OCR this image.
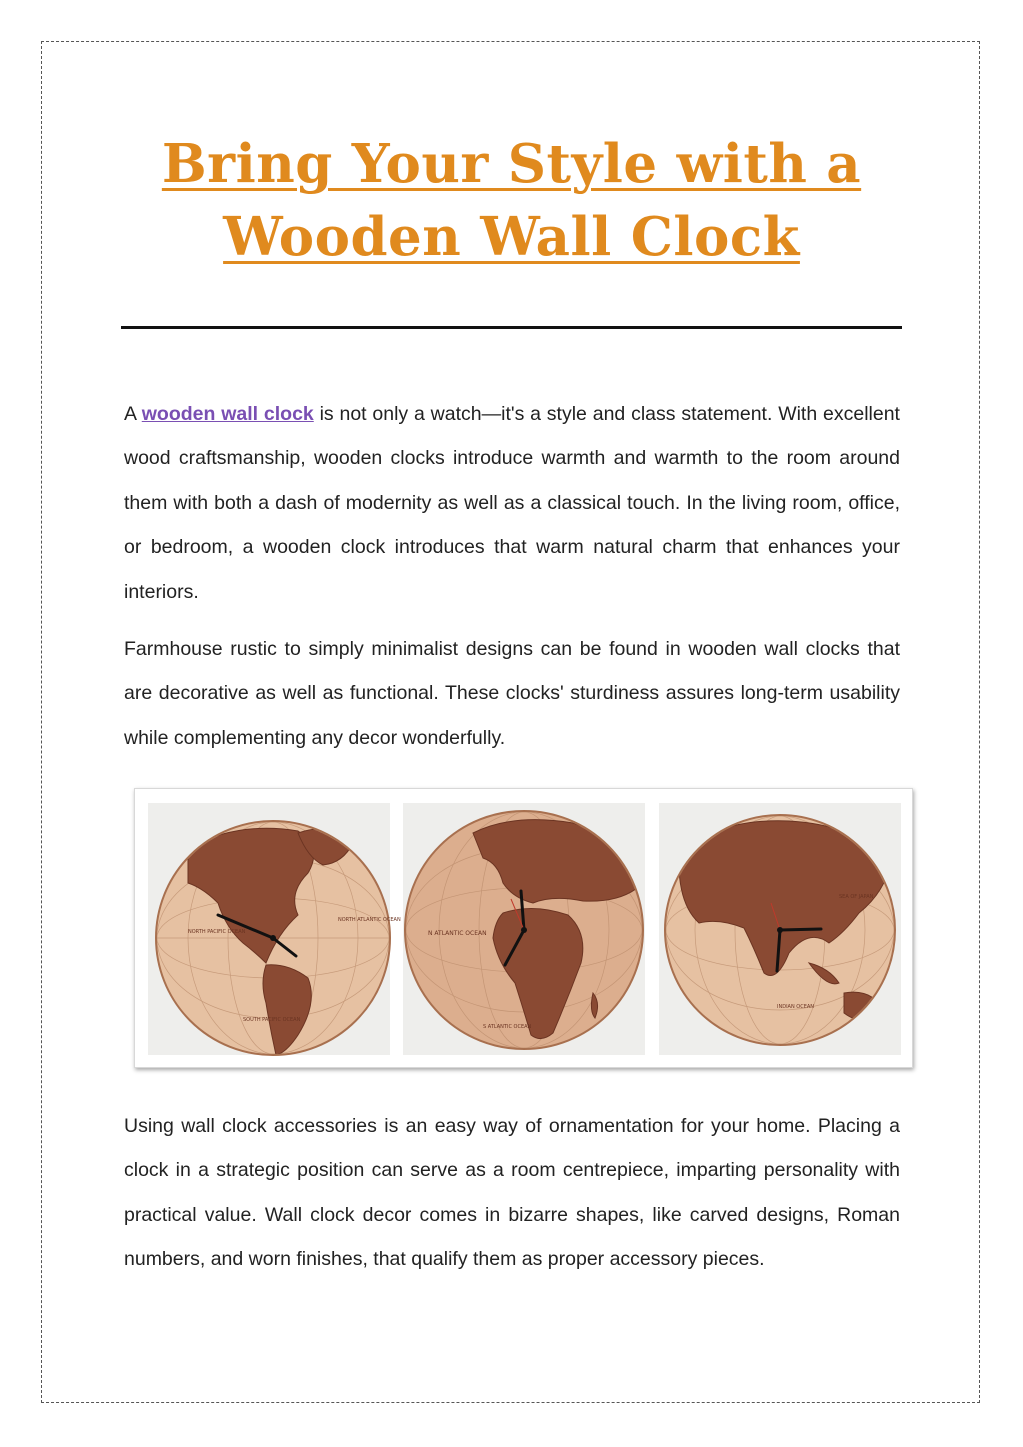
Bring Your Style with a Wooden Wall Clock

A wooden wall clock is not only a watch—it's a style and class statement. With excellent wood craftsmanship, wooden clocks introduce warmth and warmth to the room around them with both a dash of modernity as well as a classical touch. In the living room, office, or bedroom, a wooden clock introduces that warm natural charm that enhances your interiors.

Farmhouse rustic to simply minimalist designs can be found in wooden wall clocks that are decorative as well as functional. These clocks' sturdiness assures long-term usability while complementing any decor wonderfully.

NORTH PACIFIC OCEAN
NORTH ATLANTIC OCEAN
SOUTH PACIFIC OCEAN
N ATLANTIC OCEAN
S ATLANTIC OCEAN
INDIAN OCEAN
SEA OF JAPAN

Using wall clock accessories is an easy way of ornamentation for your home. Placing a clock in a strategic position can serve as a room centrepiece, imparting personality with practical value. Wall clock decor comes in bizarre shapes, like carved designs, Roman numbers, and worn finishes, that qualify them as proper accessory pieces.
